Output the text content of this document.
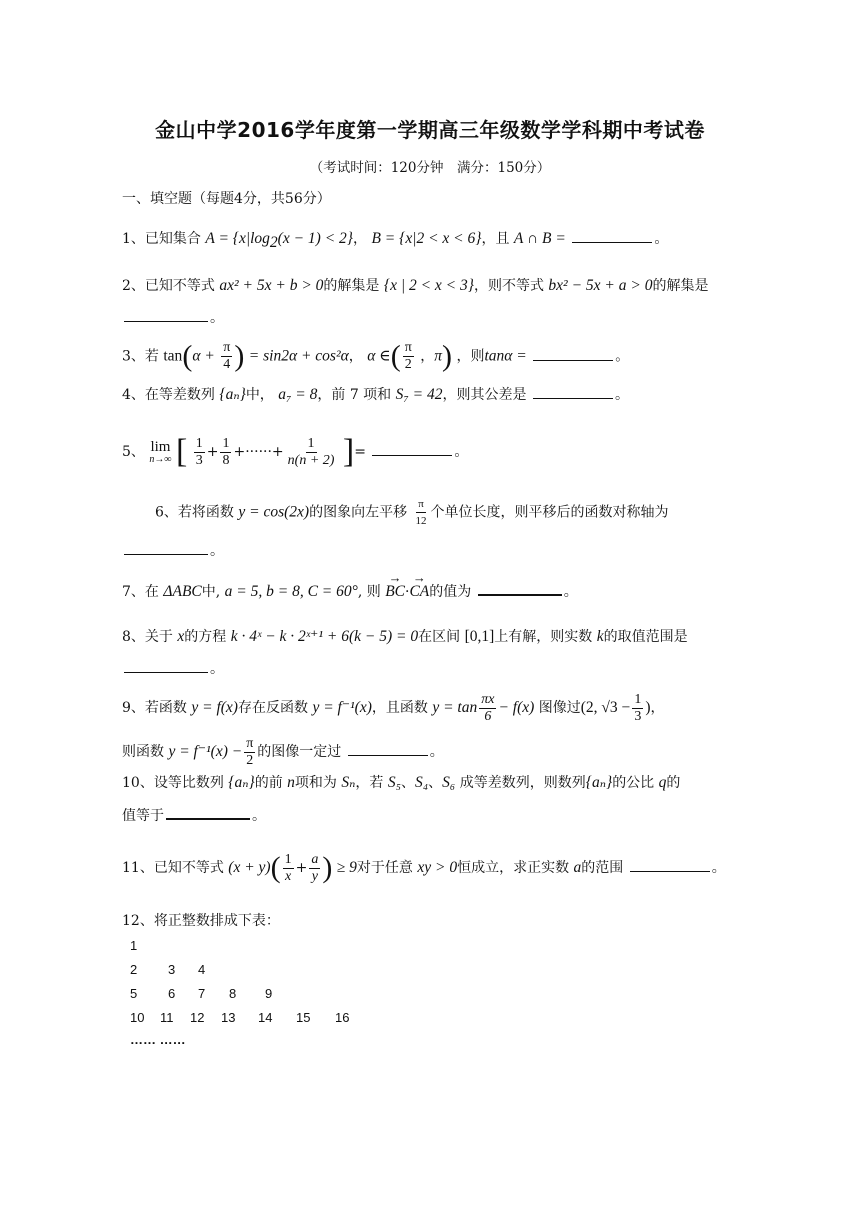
金山中学2016学年度第一学期高三年级数学学科期中考试卷
（考试时间：120分钟　满分：150分）
一、填空题（每题4分，共56分）
1、已知集合 $A = \{x|\log_2(x - 1) < 2\}$， B = {x|2 < x < 6}，且 A ∩ B =	。
2、已知不等式 ax² + 5x + b > 0的解集是 {x | 2 < x < 3}，则不等式 bx² − 5x + a > 0的解集是
。
3、若 $\tan(\alpha + \frac{\pi}{4}$ ) = sin2α + cos²α， α ∈( $\frac{\pi}{2}$ ，π) ，则tanα =	。
4、在等差数列 {aₙ}中， a₇ = 8，前 7 项和 S₇ = 42，则其公差是	。
5、 lim
n→∞ [ $\frac{1}{3} + \frac{1}{8}$ +······+ $\frac{1}{n(n + 2)}$ ]=	。
6、若将函数 y = cos(2x)的图象向左平移 $\frac{\pi}{12}$ 个单位长度，则平移后的函数对称轴为
。
7、在 ΔABC中, a = 5, b = 8, C = 60°, 则 BC →·CA →的值为	。
8、关于 x的方程 k · 4ˣ − k · 2ˣ⁺¹ + 6(k − 5) = 0在区间 [0,1]上有解，则实数 k的取值范围是
。
9、若函数 y = f(x)存在反函数 y = f⁻¹(x)，且函数 $y = \tan \frac{\pi x}{6} - f(x)$ 图像过(2, $√3 - \frac{1}{3}$ )，
则函数 $y = f^{-1}(x) - \frac{\pi}{2}$ 的图像一定过	。
10、设等比数列 {aₙ}的前 n项和为 Sₙ，若 S₅、S₄、S₆ 成等差数列，则数列{aₙ}的公比 q的
值等于	。
11、已知不等式 $(x + y)( \frac{1}{x} + \frac{a}{y}$ ) ≥ 9对于任意 xy > 0恒成立，求正实数 a的范围	。
12、将正整数排成下表：
1
2 3 4
5 6 7 8 9
10 11 12 13 14 15 16
…… ……
